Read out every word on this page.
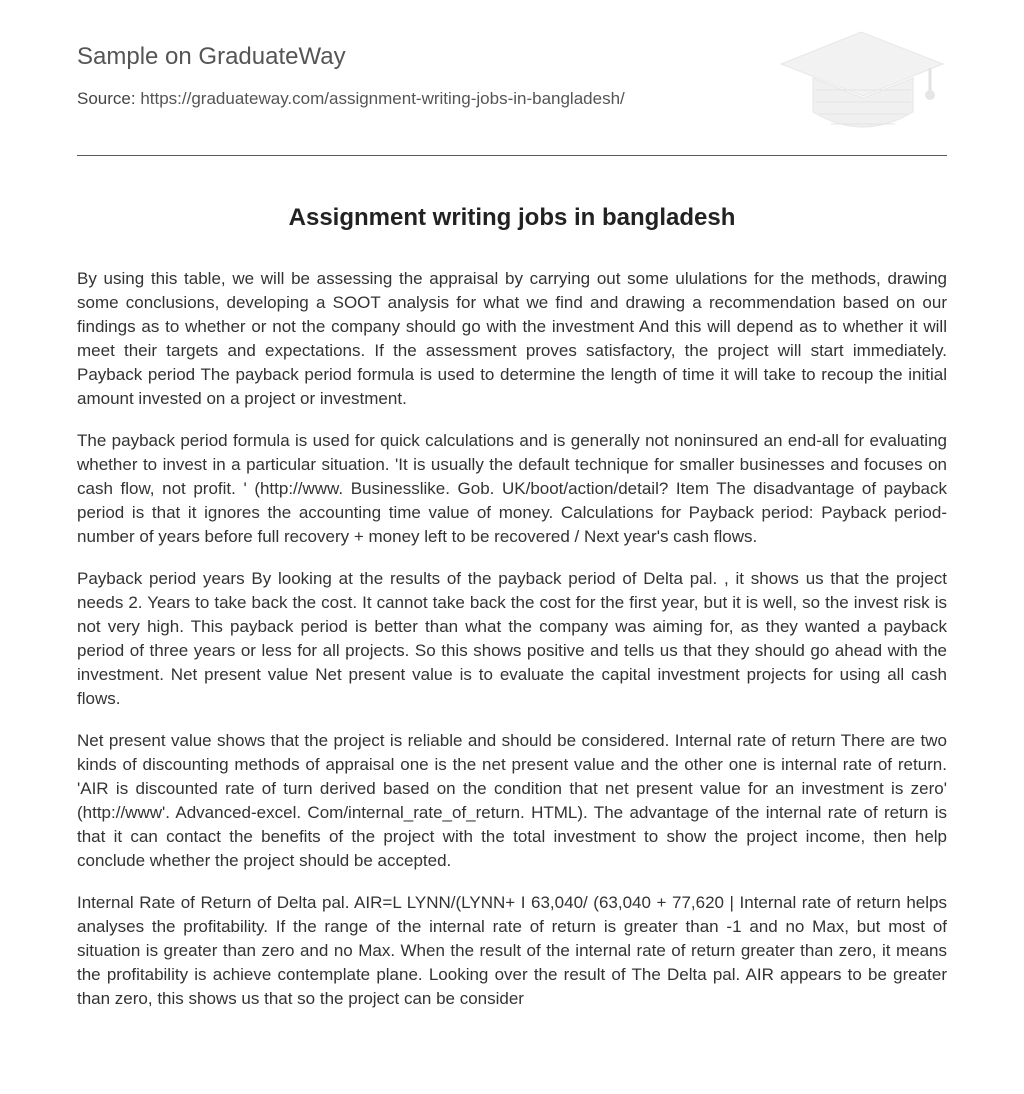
Sample on GraduateWay
Source: https://graduateway.com/assignment-writing-jobs-in-bangladesh/
Assignment writing jobs in bangladesh

By using this table, we will be assessing the appraisal by carrying out some ululations for the methods, drawing some conclusions, developing a SOOT analysis for what we find and drawing a recommendation based on our findings as to whether or not the company should go with the investment And this will depend as to whether it will meet their targets and expectations. If the assessment proves satisfactory, the project will start immediately. Payback period The payback period formula is used to determine the length of time it will take to recoup the initial amount invested on a project or investment.

The payback period formula is used for quick calculations and is generally not noninsured an end-all for evaluating whether to invest in a particular situation. 'It is usually the default technique for smaller businesses and focuses on cash flow, not profit. ' (http://www. Businesslike. Gob. UK/boot/action/detail? Item The disadvantage of payback period is that it ignores the accounting time value of money. Calculations for Payback period: Payback period-number of years before full recovery + money left to be recovered / Next year's cash flows.

Payback period years By looking at the results of the payback period of Delta pal. , it shows us that the project needs 2. Years to take back the cost. It cannot take back the cost for the first year, but it is well, so the invest risk is not very high. This payback period is better than what the company was aiming for, as they wanted a payback period of three years or less for all projects. So this shows positive and tells us that they should go ahead with the investment. Net present value Net present value is to evaluate the capital investment projects for using all cash flows.

Net present value shows that the project is reliable and should be considered. Internal rate of return There are two kinds of discounting methods of appraisal one is the net present value and the other one is internal rate of return. 'AIR is discounted rate of turn derived based on the condition that net present value for an investment is zero' (http://www'. Advanced-excel. Com/internal_rate_of_return. HTML). The advantage of the internal rate of return is that it can contact the benefits of the project with the total investment to show the project income, then help conclude whether the project should be accepted.

Internal Rate of Return of Delta pal. AIR=L LYNN/(LYNN+ I 63,040/ (63,040 + 77,620 | Internal rate of return helps analyses the profitability. If the range of the internal rate of return is greater than -1 and no Max, but most of situation is greater than zero and no Max. When the result of the internal rate of return greater than zero, it means the profitability is achieve contemplate plane. Looking over the result of The Delta pal. AIR appears to be greater than zero, this shows us that so the project can be consider
